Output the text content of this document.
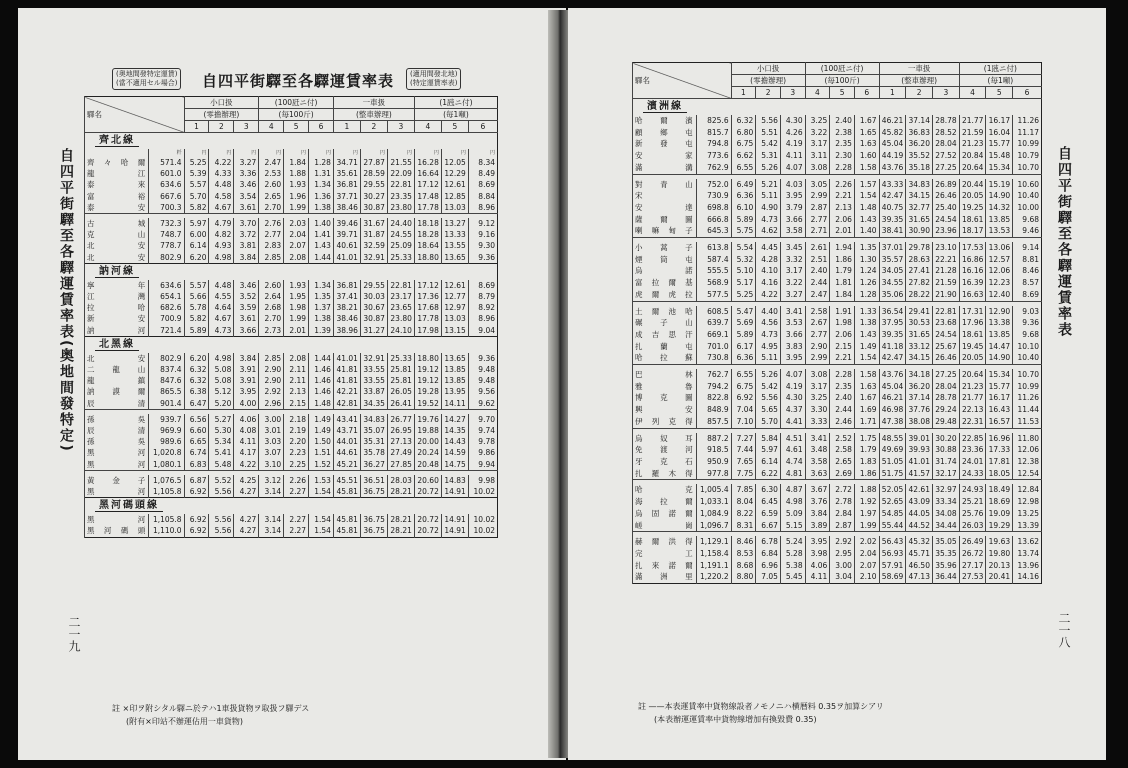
自四平街驛至各驛運賃率表(奥地間發特定)
二一九
(奥地間發特定運賃)
(當不適用セル場合) 自四平街驛至各驛運賃率表 (適用間發北地)
(特定運賃率表)
驛名		小口扱			(100瓩ニ付)			一車扱			(1瓲ニ付)		
		(零擔辦理)			(毎100斤)			(整車辦理)			(毎1噸)		
		1	2	3	4	5	6	1	2	3	4	5	6
齊北線													
	粁	円	円	円	円	円	円	円	円	円	円	円	円
齊々哈爾	571.4	5.25	4.22	3.27	2.47	1.84	1.28	34.71	27.87	21.55	16.28	12.05	8.34
龍江	601.0	5.39	4.33	3.36	2.53	1.88	1.31	35.61	28.59	22.09	16.64	12.29	8.49
泰來	634.6	5.57	4.48	3.46	2.60	1.93	1.34	36.81	29.55	22.81	17.12	12.61	8.69
富裕	667.6	5.70	4.58	3.54	2.65	1.96	1.36	37.71	30.27	23.35	17.48	12.85	8.84
泰安	700.3	5.82	4.67	3.61	2.70	1.99	1.38	38.46	30.87	23.80	17.78	13.03	8.96

古城	732.3	5.97	4.79	3.70	2.76	2.03	1.40	39.46	31.67	24.40	18.18	13.27	9.12
克山	748.7	6.00	4.82	3.72	2.77	2.04	1.41	39.71	31.87	24.55	18.28	13.33	9.16
北安	778.7	6.14	4.93	3.81	2.83	2.07	1.43	40.61	32.59	25.09	18.64	13.55	9.30
北安	802.9	6.20	4.98	3.84	2.85	2.08	1.44	41.01	32.91	25.33	18.80	13.65	9.36
訥河線													
寧年	634.6	5.57	4.48	3.46	2.60	1.93	1.34	36.81	29.55	22.81	17.12	12.61	8.69
江灣	654.1	5.66	4.55	3.52	2.64	1.95	1.35	37.41	30.03	23.17	17.36	12.77	8.79
拉哈	682.6	5.78	4.64	3.59	2.68	1.98	1.37	38.21	30.67	23.65	17.68	12.97	8.92
新安	700.9	5.82	4.67	3.61	2.70	1.99	1.38	38.46	30.87	23.80	17.78	13.03	8.96
訥河	721.4	5.89	4.73	3.66	2.73	2.01	1.39	38.96	31.27	24.10	17.98	13.15	9.04
北黑線													
北安	802.9	6.20	4.98	3.84	2.85	2.08	1.44	41.01	32.91	25.33	18.80	13.65	9.36
二龍山	837.4	6.32	5.08	3.91	2.90	2.11	1.46	41.81	33.55	25.81	19.12	13.85	9.48
龍鎮	847.6	6.32	5.08	3.91	2.90	2.11	1.46	41.81	33.55	25.81	19.12	13.85	9.48
訥謨爾	865.5	6.38	5.12	3.95	2.92	2.13	1.46	42.21	33.87	26.05	19.28	13.95	9.56
辰清	901.4	6.47	5.20	4.00	2.96	2.15	1.48	42.81	34.35	26.41	19.52	14.11	9.62

孫吳	939.7	6.56	5.27	4.06	3.00	2.18	1.49	43.41	34.83	26.77	19.76	14.27	9.70
辰清	969.9	6.60	5.30	4.08	3.01	2.19	1.49	43.71	35.07	26.95	19.88	14.35	9.74
孫吳	989.6	6.65	5.34	4.11	3.03	2.20	1.50	44.01	35.31	27.13	20.00	14.43	9.78
黑河	1,020.8	6.74	5.41	4.17	3.07	2.23	1.51	44.61	35.78	27.49	20.24	14.59	9.86
黑河	1,080.1	6.83	5.48	4.22	3.10	2.25	1.52	45.21	36.27	27.85	20.48	14.75	9.94

黃金子	1,076.5	6.87	5.52	4.25	3.12	2.26	1.53	45.51	36.51	28.03	20.60	14.83	9.98
黑河	1,105.8	6.92	5.56	4.27	3.14	2.27	1.54	45.81	36.75	28.21	20.72	14.91	10.02
黑河碼頭線													
黑河	1,105.8	6.92	5.56	4.27	3.14	2.27	1.54	45.81	36.75	28.21	20.72	14.91	10.02
黑河碼頭	1,110.0	6.92	5.56	4.27	3.14	2.27	1.54	45.81	36.75	28.21	20.72	14.91	10.02
註 ×印ヲ附シタル驛ニ於テハ1車扱貨物ヲ取扱フ驛デス
(附有×印站不辦運佔用一車貨物)
自四平街驛至各驛運賃率表
二一八
驛名		小口扱			(100瓩ニ付)			一車扱			(1瓲ニ付)		
		(零擔辦理)			(毎100斤)			(整車辦理)			(毎1噸)		
		1	2	3	4	5	6	1	2	3	4	5	6
濱洲線													
哈爾濱	825.6	6.32	5.56	4.30	3.25	2.40	1.67	46.21	37.14	28.78	21.77	16.17	11.26
顧鄉屯	815.7	6.80	5.51	4.26	3.22	2.38	1.65	45.82	36.83	28.52	21.59	16.04	11.17
新發屯	794.8	6.75	5.42	4.19	3.17	2.35	1.63	45.04	36.20	28.04	21.23	15.77	10.99
安家	773.6	6.62	5.31	4.11	3.11	2.30	1.60	44.19	35.52	27.52	20.84	15.48	10.79
滿溝	762.9	6.55	5.26	4.07	3.08	2.28	1.58	43.76	35.18	27.25	20.64	15.34	10.70

對青山	752.0	6.49	5.21	4.03	3.05	2.26	1.57	43.33	34.83	26.89	20.44	15.19	10.60
宋	730.9	6.36	5.11	3.95	2.99	2.21	1.54	42.47	34.15	26.46	20.05	14.90	10.40
安達	698.8	6.10	4.90	3.79	2.87	2.13	1.48	40.75	32.77	25.40	19.25	14.32	10.00
薩爾圖	666.8	5.89	4.73	3.66	2.77	2.06	1.43	39.35	31.65	24.54	18.61	13.85	9.68
喇嘛甸子	645.3	5.75	4.62	3.58	2.71	2.01	1.40	38.41	30.90	23.96	18.17	13.53	9.46

小蒿子	613.8	5.54	4.45	3.45	2.61	1.94	1.35	37.01	29.78	23.10	17.53	13.06	9.14
煙筒屯	587.4	5.32	4.28	3.32	2.51	1.86	1.30	35.57	28.63	22.21	16.86	12.57	8.81
烏諾	555.5	5.10	4.10	3.17	2.40	1.79	1.24	34.05	27.41	21.28	16.16	12.06	8.46
富拉爾基	568.9	5.17	4.16	3.22	2.44	1.81	1.26	34.55	27.82	21.59	16.39	12.23	8.57
虎爾虎拉	577.5	5.25	4.22	3.27	2.47	1.84	1.28	35.06	28.22	21.90	16.63	12.40	8.69

土爾池哈	608.5	5.47	4.40	3.41	2.58	1.91	1.33	36.54	29.41	22.81	17.31	12.90	9.03
碾子山	639.7	5.69	4.56	3.53	2.67	1.98	1.38	37.95	30.53	23.68	17.96	13.38	9.36
成吉思汗	669.1	5.89	4.73	3.66	2.77	2.06	1.43	39.35	31.65	24.54	18.61	13.85	9.68
扎蘭屯	701.0	6.17	4.95	3.83	2.90	2.15	1.49	41.18	33.12	25.67	19.45	14.47	10.10
哈拉蘇	730.8	6.36	5.11	3.95	2.99	2.21	1.54	42.47	34.15	26.46	20.05	14.90	10.40

巴林	762.7	6.55	5.26	4.07	3.08	2.28	1.58	43.76	34.18	27.25	20.64	15.34	10.70
雅魯	794.2	6.75	5.42	4.19	3.17	2.35	1.63	45.04	36.20	28.04	21.23	15.77	10.99
博克圖	822.8	6.92	5.56	4.30	3.25	2.40	1.67	46.21	37.14	28.78	21.77	16.17	11.26
興安	848.9	7.04	5.65	4.37	3.30	2.44	1.69	46.98	37.76	29.24	22.13	16.43	11.44
伊列克得	857.5	7.10	5.70	4.41	3.33	2.46	1.71	47.38	38.08	29.48	22.31	16.57	11.53

烏奴耳	887.2	7.27	5.84	4.51	3.41	2.52	1.75	48.55	39.01	30.20	22.85	16.96	11.80
免渡河	918.5	7.44	5.97	4.61	3.48	2.58	1.79	49.69	39.93	30.88	23.36	17.33	12.06
牙克石	950.9	7.65	6.14	4.74	3.58	2.65	1.83	51.05	41.01	31.74	24.01	17.81	12.38
扎羅木得	977.8	7.75	6.22	4.81	3.63	2.69	1.86	51.75	41.57	32.17	24.33	18.05	12.54

哈克	1,005.4	7.85	6.30	4.87	3.67	2.72	1.88	52.05	42.61	32.97	24.93	18.49	12.84
海拉爾	1,033.1	8.04	6.45	4.98	3.76	2.78	1.92	52.65	43.09	33.34	25.21	18.69	12.98
烏固諾爾	1,084.9	8.22	6.59	5.09	3.84	2.84	1.97	54.85	44.05	34.08	25.76	19.09	13.25
嵯崗	1,096.7	8.31	6.67	5.15	3.89	2.87	1.99	55.44	44.52	34.44	26.03	19.29	13.39

赫爾洪得	1,129.1	8.46	6.78	5.24	3.95	2.92	2.02	56.43	45.32	35.05	26.49	19.63	13.62
完工	1,158.4	8.53	6.84	5.28	3.98	2.95	2.04	56.93	45.71	35.35	26.72	19.80	13.74
扎來諾爾	1,191.1	8.68	6.96	5.38	4.06	3.00	2.07	57.91	46.50	35.96	27.17	20.13	13.96
滿洲里	1,220.2	8.80	7.05	5.45	4.11	3.04	2.10	58.69	47.13	36.44	27.53	20.41	14.16
註 ——本表運賃率中貨物線設者ノモノニハ横暦料 0.35ヲ加算シアリ
(本表辦運運賃率中貨物線增加有換毀費 0.35)
